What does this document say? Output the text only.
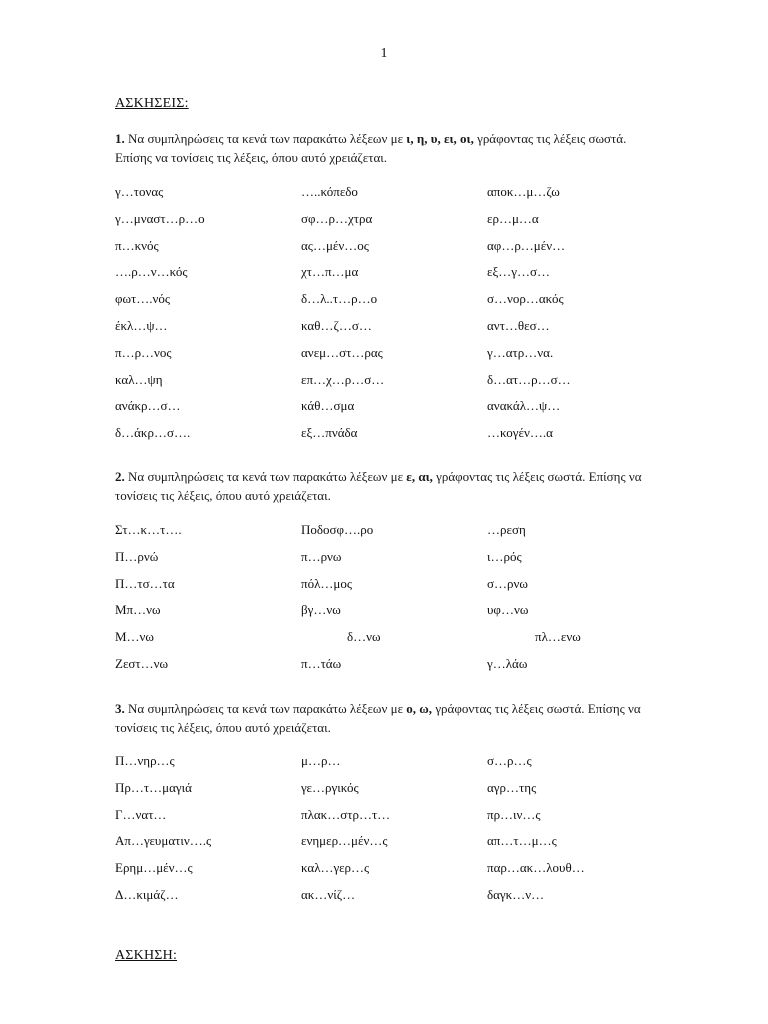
1
ΑΣΚΗΣΕΙΣ:
1. Να συμπληρώσεις τα κενά των παρακάτω λέξεων με ι, η, υ, ει, οι, γράφοντας τις λέξεις σωστά. Επίσης να τονίσεις τις λέξεις, όπου αυτό χρειάζεται.
γ…τονας	…..κόπεδο	αποκ…μ…ζω
γ…μναστ…ρ…ο	σφ…ρ…χτρα	ερ…μ…α
π…κνός	ας…μέν…ος	αφ…ρ…μέν…
….ρ…ν…κός	χτ…π…μα	εξ…γ…σ…
φωτ….νός	δ…λ..τ…ρ…ο	σ…νορ…ακός
έκλ…ψ…	καθ…ζ…σ…	αντ…θεσ…
π…ρ…νος	ανεμ…στ…ρας	γ…ατρ…να.
καλ…ψη	επ…χ…ρ…σ…	δ…ατ…ρ…σ…
ανάκρ…σ…	κάθ…σμα	ανακάλ…ψ…
δ…άκρ…σ….	εξ…πνάδα	…κογέν….α
2. Να συμπληρώσεις τα κενά των παρακάτω λέξεων με ε, αι, γράφοντας τις λέξεις σωστά. Επίσης να τονίσεις τις λέξεις, όπου αυτό χρειάζεται.
Στ…κ…τ….	Ποδοσφ….ρο	…ρεση
Π…ρνώ	π…ρνω	ι…ρός
Π…τσ…τα	πόλ…μος	σ…ρνω
Μπ…νω	βγ…νω	υφ…νω
Μ…νω	δ…νω	πλ…ενω
Ζεστ…νω	π…τάω	γ…λάω
3. Να συμπληρώσεις τα κενά των παρακάτω λέξεων με ο, ω, γράφοντας τις λέξεις σωστά. Επίσης να τονίσεις τις λέξεις, όπου αυτό χρειάζεται.
Π…νηρ…ς	μ…ρ…	σ…ρ…ς
Πρ…τ…μαγιά	γε…ργικός	αγρ…της
Γ…νατ…	πλακ…στρ…τ…	πρ…ιν…ς
Απ…γευματιν….ς	ενημερ…μέν…ς	απ…τ…μ…ς
Ερημ…μέν…ς	καλ…γερ…ς	παρ…ακ…λουθ…
Δ…κιμάζ…	ακ…νίζ…	δαγκ…ν…
ΑΣΚΗΣΗ:
